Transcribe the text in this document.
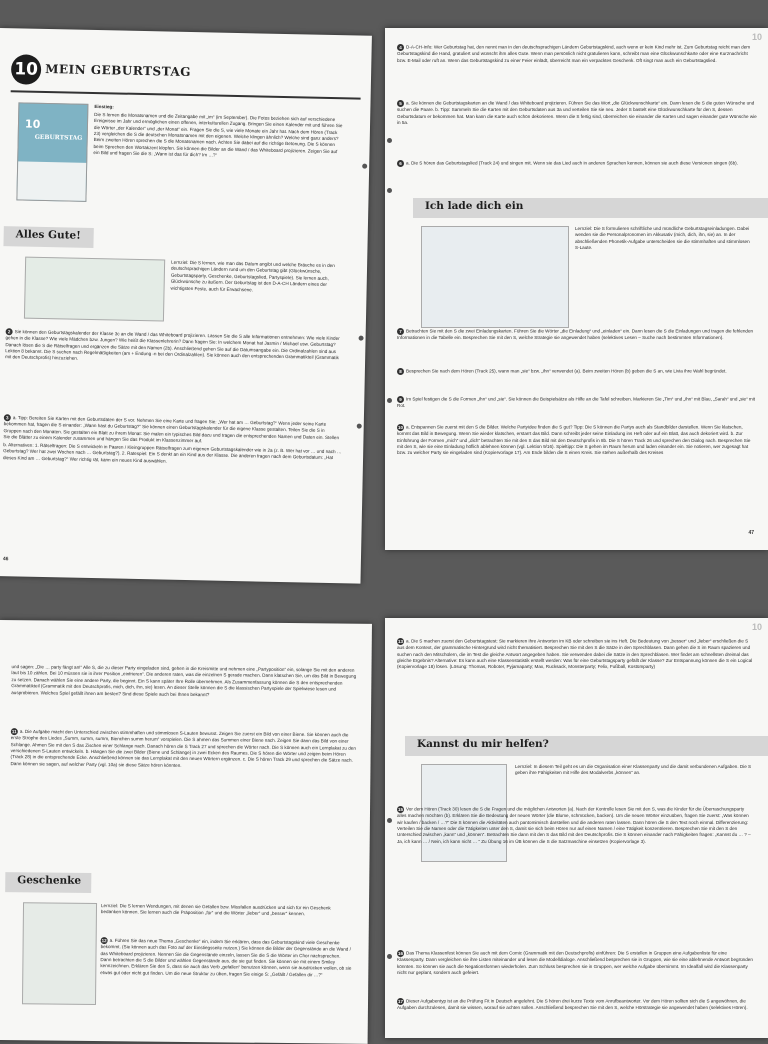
10 MEIN GEBURTSTAG
10
GEBURTSTAG

Einstieg:

Die S lernen die Monatsnamen und die Zeitangabe mit „im“ (im September). Die Fotos beziehen sich auf verschiedene Ereignisse im Jahr und ermöglichen einen offenen, interkulturellen Zugang. Bringen Sie einen Kalender mit und führen Sie die Wörter „der Kalender“ und „der Monat“ ein. Fragen Sie die S, wie viele Monate ein Jahr hat. Nach dem Hören (Track 23) vergleichen die S die deutschen Monatsnamen mit den eigenen. Welche klingen ähnlich? Welche sind ganz anders? Beim zweiten Hören sprechen die S die Monatsnamen nach. Achten Sie dabei auf die richtige Betonung. Die S können beim Sprechen den Wortakzent klopfen. Sie können die Bilder an die Wand / das Whiteboard projizieren. Zeigen Sie auf ein Bild und fragen Sie die S: „Wann ist das für dich? Im …?“

Alles Gute!

Lernziel: Die S lernen, wie man das Datum angibt und welche Bräuche es in den deutschsprachigen Ländern rund um den Geburtstag gibt (Glückwünsche, Geburtstagsparty, Geschenke, Geburtstagslied, Partyspiele). Sie lernen auch, Glückwünsche zu äußern. Der Geburtstag ist den D-A-CH Ländern eines der wichtigsten Feste, auch für Erwachsene.

2 Sie können den Geburtstagskalender der Klasse 3c an die Wand / das Whiteboard projizieren. Lassen Sie die S alle Informationen entnehmen: Wie viele Kinder gehen in die Klasse? Wie viele Mädchen bzw. Jungen? Wie heißt die Klassenlehrerin? Dann fragen Sie: In welchem Monat hat Jasmin / Michael usw. Geburtstag? Danach lösen die S die Rätselfragen und ergänzen die Sätze mit den Namen (2b). Anschließend gehen Sie auf die Datumsangabe ein. Die Ordinalzahlen sind aus Lektion 8 bekannt. Die S suchen nach Regelmäßigkeiten (am + Endung -n bei den Ordinalzahlen). Sie können auch den entsprechenden Grammatikteil (Grammatik mit den Deutschprofis) hinzuziehen.

3 a. Tipp: Bereiten Sie Karten mit den Geburtsdaten der S vor. Nehmen Sie eine Karte und fragen Sie: „Wer hat am … Geburtstag?“ Wenn jeder seine Karte bekommen hat, fragen die S einander: „Wann hast du Geburtstag?“ Sie können einen Geburtstagskalender für die eigene Klasse gestalten. Teilen Sie die S in Gruppen nach den Monaten. Sie gestalten ein Blatt zu ihrem Monat: Sie malen ein typisches Bild dazu und tragen die entsprechenden Namen und Daten ein. Stellen Sie die Blätter zu einem Kalender zusammen und hängen Sie das Produkt im Klassenzimmer auf.

b. Alternativen: 1. Rätselfragen: Die S entwickeln in Paaren / Kleingruppen Rätselfragen zum eigenen Geburtstagskalender wie in 2a (z. B. Wer hat vor … und nach … Geburtstag? Wer hat zwei Wochen nach … Geburtstag?). 2. Ratespiel: Ein S denkt an ein Kind aus der Klasse. Die anderen fragen nach dem Geburtsdatum: „Hat dieses Kind am … Geburtstag?“ Wer richtig rät, kann ein neues Kind auswählen.

46
10

4 D-A-CH-Info: Wer Geburtstag hat, den nennt man in den deutschsprachigen Ländern Geburtstagskind, auch wenn er kein Kind mehr ist. Zum Geburtstag reicht man dem Geburtstagskind die Hand, gratuliert und wünscht ihm alles Gute. Wenn man persönlich nicht gratulieren kann, schreibt man eine Glückwunschkarte oder eine Kurznachricht bzw. E-Mail oder ruft an. Wenn das Geburtstagskind zu einer Feier einlädt, überreicht man ein verpacktes Geschenk. Oft singt man auch ein Geburtstagslied.

5 a. Sie können die Geburtstagskarten an die Wand / das Whiteboard projizieren. Führen Sie das Wort „die Glückwunschkarte“ ein. Dann lesen die S die guten Wünsche und suchen die Paare. b. Tipp: Sammeln Sie die Karten mit den Geburtsdaten aus 3a und verteilen Sie sie neu. Jeder S bastelt eine Glückwunschkarte für den S, dessen Geburtsdatum er bekommen hat. Man kann die Karte auch schön dekorieren. Wenn die S fertig sind, überreichen sie einander die Karten und sagen einander gute Wünsche wie in 5a.

6 a. Die S hören das Geburtstagslied (Track 24) und singen mit. Wenn sie das Lied auch in anderen Sprachen kennen, können sie auch diese Versionen singen (6b).

Ich lade dich ein

Lernziel: Die S formulieren schriftliche und mündliche Geburtstagseinladungen. Dabei wenden sie die Personalpronomen im Akkusativ (mich, dich, ihn, sie) an. In der abschließenden Phonetik-Aufgabe unterscheiden sie die stimmhaften und stimmlosen S-Laute.

7 Betrachten Sie mit den S die zwei Einladungskarten. Führen Sie die Wörter „die Einladung“ und „einladen“ ein. Dann lesen die S die Einladungen und tragen die fehlenden Informationen in die Tabelle ein. Besprechen Sie mit den S, welche Strategie sie angewendet haben (selektives Lesen – Suche nach bestimmten Informationen).

8 Besprechen Sie nach dem Hören (Track 25), wann man „sie“ bzw. „ihn“ verwendet (a). Beim zweiten Hören (b) geben die S an, wie Livia ihre Wahl begründet.

9 Im Spiel festigen die S die Formen „ihn“ und „sie“. Sie können die Beispielsätze als Hilfe an die Tafel schreiben. Markieren Sie „Tim“ und „ihn“ mit Blau, „Sarah“ und „sie“ mit Rot.

10 a. Entspannen Sie zuerst mit den S die Bilder. Welche Partyidee finden die S gut? Tipp: Die S können die Partys auch als Standbilder darstellen. Wenn Sie klatschen, kommt das Bild in Bewegung. Wenn Sie wieder klatschen, erstarrt das Bild. Dann schreibt jeder seine Einladung ins Heft oder auf ein Blatt, das auch dekoriert wird. b. Zur Einführung der Formen „mich“ und „dich“ betrachten Sie mit den S das Bild mit den Deutschprofis in 8b. Die S hören Track 26 und sprechen den Dialog nach. Besprechen Sie mit den S, wie sie eine Einladung höflich ablehnen können (vgl. Lektion 9/16). Spieltipp: Die S gehen im Raum herum und laden einander ein. Sie notieren, wer zugesagt hat bzw. zu welcher Party sie eingeladen sind (Kopiervorlage 17). Am Ende bilden die S einen Kreis. Sie stehen außerhalb des Kreises

47

und sagen: „Die … party fängt an!“ Alle S, die zu dieser Party eingeladen sind, gehen in die Kreismitte und nehmen eine „Partyposition“ ein, solange Sie mit den anderen laut bis 10 zählen. Bei 10 müssen sie in ihrer Position „einfrieren“. Die anderen raten, was die einzelnen S gerade machen. Dann klatschen Sie, um das Bild in Bewegung zu setzen. Danach wählen Sie eine andere Party, die beginnt. Ein S kann später Ihre Rolle übernehmen. Als Zusammenfassung können die S den entsprechenden Grammatikteil (Grammatik mit den Deutschprofis, mich, dich, ihn, sie) lesen. An dieser Stelle können die S die klassischen Partyspiele der Spielwiese lesen und ausprobieren. Welches Spiel gefällt ihnen am besten? Sind diese Spiele auch bei Ihnen bekannt?

11 a. Die Aufgabe macht den Unterschied zwischen stimmhaften und stimmlosen S-Lauten bewusst. Zeigen Sie zuerst ein Bild von einer Biene. Sie können auch die erste Strophe des Liedes „Summ, summ, summ, Bienchen summ herum“ vorspielen. Die S ahmen das Summen einer Biene nach. Zeigen Sie dann das Bild von einer Schlange. Ahmen Sie mit den S das Zischen einer Schlange nach. Danach hören die S Track 27 und sprechen die Wörter nach. Die S können auch ein Lernplakat zu den verschiedenen S-Lauten entwickeln. b. Hängen Sie die zwei Bilder (Biene und Schlange) in zwei Ecken des Raumes. Die S hören die Wörter und zeigen beim Hören (Track 28) in die entsprechende Ecke. Anschließend können sie das Lernplakat mit den neuen Wörtern ergänzen. c. Die S hören Track 29 und sprechen die Sätze nach. Dann können sie sagen, auf welcher Party (vgl. 10a) sie diese Sätze hören könnten.

Geschenke

Lernziel: Die S lernen Wendungen, mit denen sie Gefallen bzw. Missfallen ausdrücken und sich für ein Geschenk bedanken können. Sie lernen auch die Präposition „für“ und die Wörter „lieber“ und „besser“ kennen.

12 a. Führen Sie das neue Thema „Geschenke“ ein, indem Sie erklären, dass das Geburtstagskind viele Geschenke bekommt. (Sie können auch das Foto auf der Einstiegsseite nutzen.) Sie können die Bilder der Gegenstände an die Wand / das Whiteboard projizieren. Nennen Sie die Gegenstände einzeln, lassen Sie die S die Wörter im Chor nachsprechen. Dann betrachten die S die Bilder und wählen Gegenstände aus, die sie gut finden. Sie können sie mit einem Smiley kennzeichnen. Erklären Sie den S, dass sie auch das Verb „gefallen“ benutzen können, wenn sie ausdrücken wollen, ob sie etwas gut oder nicht gut finden. Um die neue Struktur zu üben, fragen Sie einige S: „Gefällt / Gefallen dir …?“

10

13 a. Die S machen zuerst den Geburtstagstest: Sie markieren ihre Antworten im KB oder schreiben sie ins Heft. Die Bedeutung von „besser“ und „lieber“ erschließen die S aus dem Kontext, der grammatische Hintergrund wird nicht thematisiert. Besprechen Sie mit den S die Sätze in den Sprechblasen. Dann gehen die S im Raum spazieren und suchen nach den Mitschülern, die im Test die gleiche Antwort angegeben haben. Sie verwenden dabei die Sätze in den Sprechblasen. Wer findet am schnellsten dreimal das gleiche Ergebnis? Alternative: Es kann auch eine Klassenstatistik erstellt werden: Was für eine Geburtstagsparty gefällt der Klasse? Zur Entspannung können die S ein Logical (Kopiervorlage 18) lösen. (Lösung: Thomas, Roboter, Pyjamaparty; Max, Rucksack, Monsterparty; Felix, Fußball, Kostümparty)

Kannst du mir helfen?

Lernziel: In diesem Teil geht es um die Organisation einer Klassenparty und die damit verbundenen Aufgaben. Die S geben ihre Fähigkeiten mit Hilfe des Modalverbs „können“ an.

15 Vor dem Hören (Track 30) lesen die S die Fragen und die möglichen Antworten (a). Nach der Kontrolle lesen Sie mit den S, was die Kinder für die Überraschungsparty alles machen möchten (b). Erklären Sie die Bedeutung der neuen Wörter (die Blume, schmücken, backen). Um die neuen Wörter einzuüben, fragen Sie zuerst: „Was können wir kaufen / backen / …?“ Die S können die Aktivitäten auch pantomimisch darstellen und die anderen raten lassen. Dann hören die S den Text noch einmal. Differenzierung: Verteilen Sie die Namen oder die Tätigkeiten unter den S, damit sie sich beim Hören nur auf einen Namen / eine Tätigkeit konzentrieren. Besprechen Sie mit den S den Unterschied zwischen „kann“ und „können“. Betrachten Sie dann mit den S das Bild mit den Deutschprofis. Die S können einander nach Fähigkeiten fragen: „Kannst du … ? – Ja, ich kann … / Nein, ich kann nicht … “ Zu Übung 16 im ÜB können die S die Satzmaschine einsetzen (Kopiervorlage 3).

16 Das Thema Klassenfest können Sie auch mit dem Comic (Grammatik mit den Deutschprofis) einführen: Die S erstellen in Gruppen eine Aufgabenliste für eine Klassenparty. Dann vergleichen sie ihre Listen miteinander und lesen die Modelldialoge. Anschließend besprechen sie in Gruppen, wie sie eine ablehnende Antwort begründen könnten. So können sie auch die Negationsformen wiederholen. Zum Schluss besprechen sie in Gruppen, wer welche Aufgabe übernimmt. Im Idealfall wird die Klassenparty nicht nur geplant, sondern auch gefeiert.

17 Dieser Aufgabentyp ist an die Prüfung Fit in Deutsch angelehnt. Die S hören drei kurze Texte vom Anrufbeantworter. Vor dem Hören sollten sich die S angewöhnen, die Aufgaben durchzulesen, damit sie wissen, worauf sie achten sollen. Anschließend besprechen Sie mit den S, welche Hörstrategie sie angewendet haben (selektives Hören).
